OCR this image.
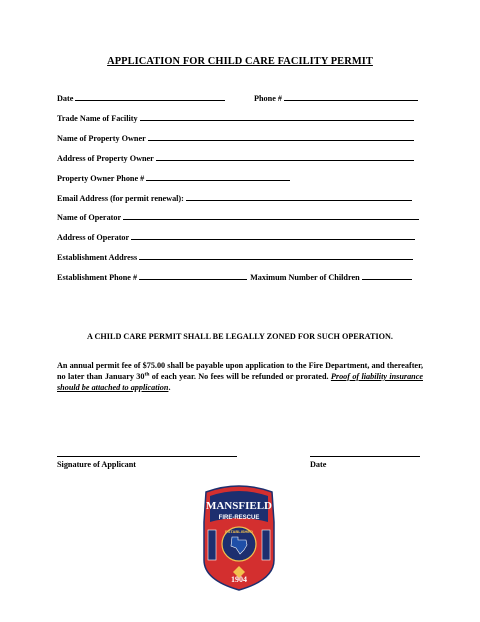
APPLICATION FOR CHILD CARE FACILITY PERMIT
Date	Phone #
Trade Name of Facility
Name of Property Owner
Address of Property Owner
Property Owner Phone #
Email Address (for permit renewal):
Name of Operator
Address of Operator
Establishment Address
Establishment Phone #	Maximum Number of Children
A CHILD CARE PERMIT SHALL BE LEGALLY ZONED FOR SUCH OPERATION.
An annual permit fee of $75.00 shall be payable upon application to the Fire Department, and thereafter, no later than January 30th of each year. No fees will be refunded or prorated. Proof of liability insurance should be attached to application.
Signature of Applicant	Date
MANSFIELD
FIRE-RESCUE
ESTABLISHED
1904
